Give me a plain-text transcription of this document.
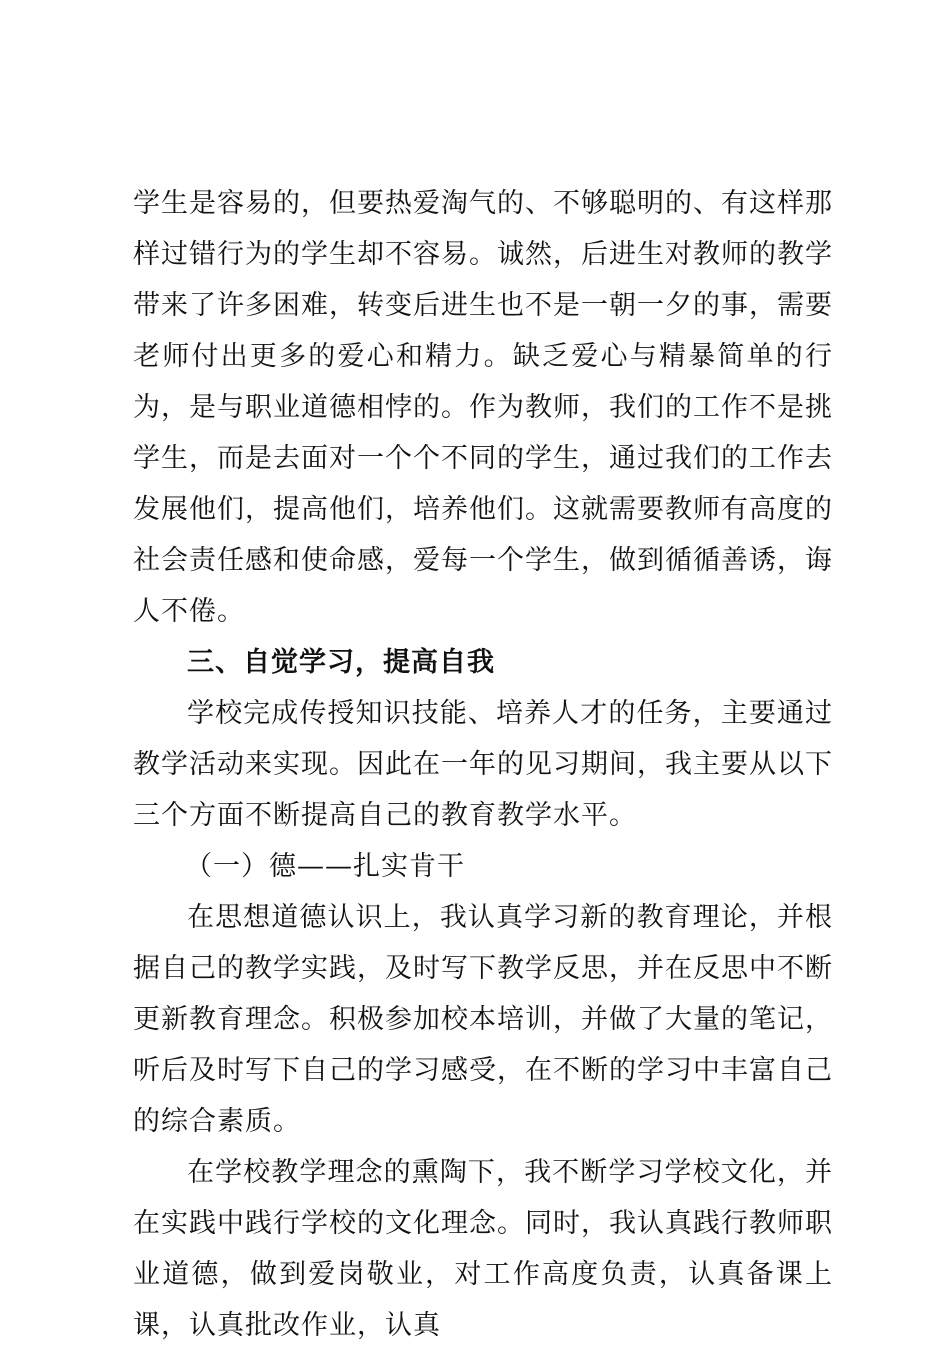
学生是容易的，但要热爱淘气的、不够聪明的、有这样那样过错行为的学生却不容易。诚然，后进生对教师的教学带来了许多困难，转变后进生也不是一朝一夕的事，需要老师付出更多的爱心和精力。缺乏爱心与精暴简单的行为，是与职业道德相悖的。作为教师，我们的工作不是挑学生，而是去面对一个个不同的学生，通过我们的工作去发展他们，提高他们，培养他们。这就需要教师有高度的社会责任感和使命感，爱每一个学生，做到循循善诱，诲人不倦。

三、自觉学习，提高自我

学校完成传授知识技能、培养人才的任务，主要通过教学活动来实现。因此在一年的见习期间，我主要从以下三个方面不断提高自己的教育教学水平。

（一）德——扎实肯干

在思想道德认识上，我认真学习新的教育理论，并根据自己的教学实践，及时写下教学反思，并在反思中不断更新教育理念。积极参加校本培训，并做了大量的笔记，听后及时写下自己的学习感受，在不断的学习中丰富自己的综合素质。

在学校教学理念的熏陶下，我不断学习学校文化，并在实践中践行学校的文化理念。同时，我认真践行教师职业道德，做到爱岗敬业，对工作高度负责，认真备课上课，认真批改作业，认真
